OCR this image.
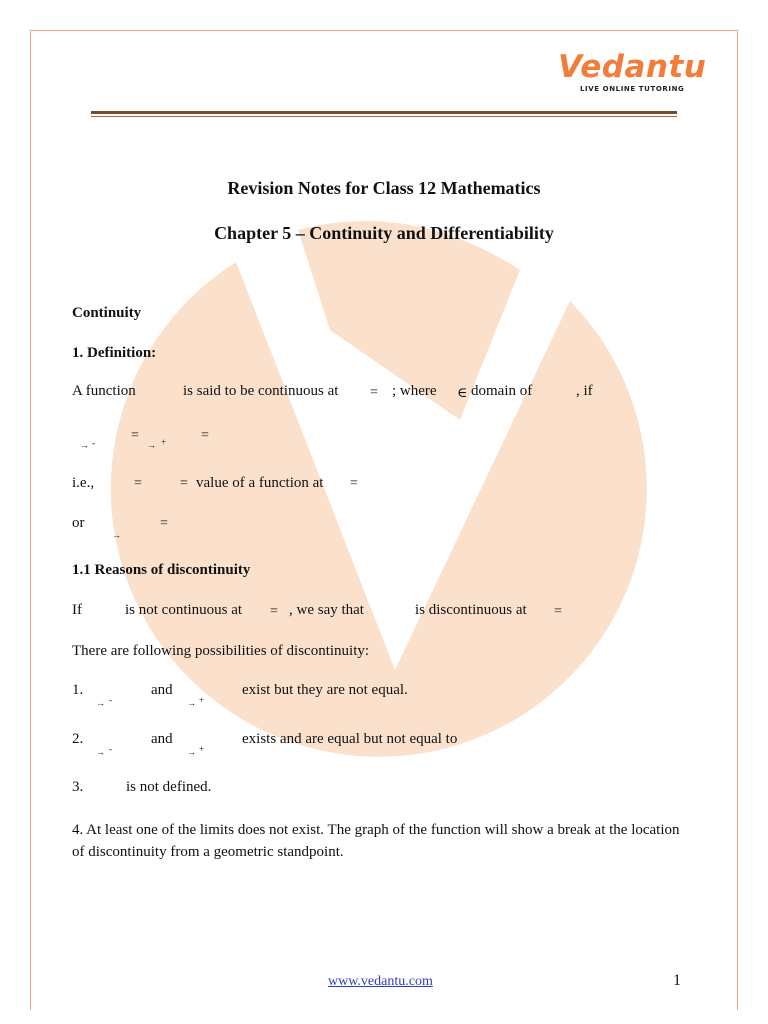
Vedantu
LIVE ONLINE TUTORING
Revision Notes for Class 12 Mathematics
Chapter 5 – Continuity and Differentiability
Continuity
1. Definition:
A function	is said to be continuous at = ; where ∈ domain of	, if
→ -	=
→ + =
i.e.,	=	= value of a function at =
or
→
=
1.1 Reasons of discontinuity
If	is not continuous at = , we say that	is discontinuous at =
There are following possibilities of discontinuity:
1.
→ -
and
→ +
exist but they are not equal.
2.
→ -
and
→ +
exists and are equal but not equal to
3.	is not defined.
4. At least one of the limits does not exist. The graph of the function will show a break at the location of discontinuity from a geometric standpoint.
www.vedantu.com	1
